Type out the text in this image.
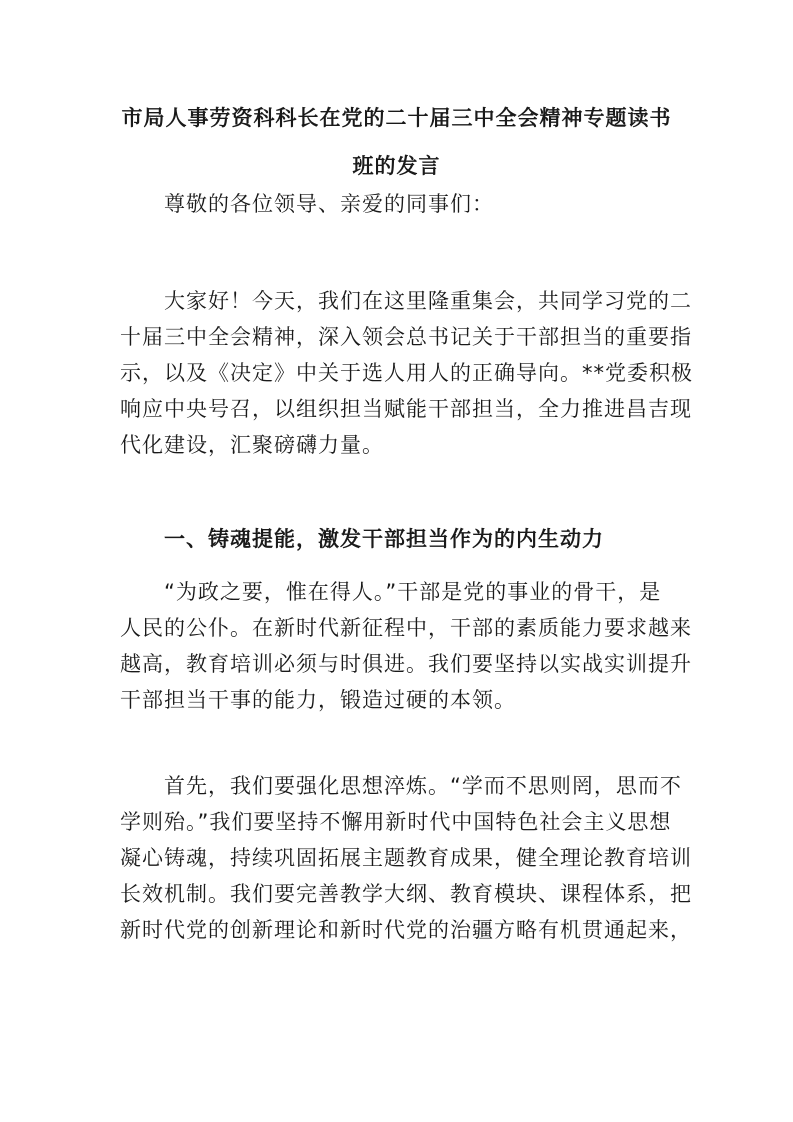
市局人事劳资科科长在党的二十届三中全会精神专题读书
班的发言
尊敬的各位领导、亲爱的同事们：
大家好！今天，我们在这里隆重集会，共同学习党的二
十届三中全会精神，深入领会总书记关于干部担当的重要指
示，以及《决定》中关于选人用人的正确导向。**党委积极
响应中央号召，以组织担当赋能干部担当，全力推进昌吉现
代化建设，汇聚磅礴力量。
一、铸魂提能，激发干部担当作为的内生动力
“为政之要，惟在得人。”干部是党的事业的骨干，是
人民的公仆。在新时代新征程中，干部的素质能力要求越来
越高，教育培训必须与时俱进。我们要坚持以实战实训提升
干部担当干事的能力，锻造过硬的本领。
首先，我们要强化思想淬炼。“学而不思则罔，思而不
学则殆。”我们要坚持不懈用新时代中国特色社会主义思想
凝心铸魂，持续巩固拓展主题教育成果，健全理论教育培训
长效机制。我们要完善教学大纲、教育模块、课程体系，把
新时代党的创新理论和新时代党的治疆方略有机贯通起来，
